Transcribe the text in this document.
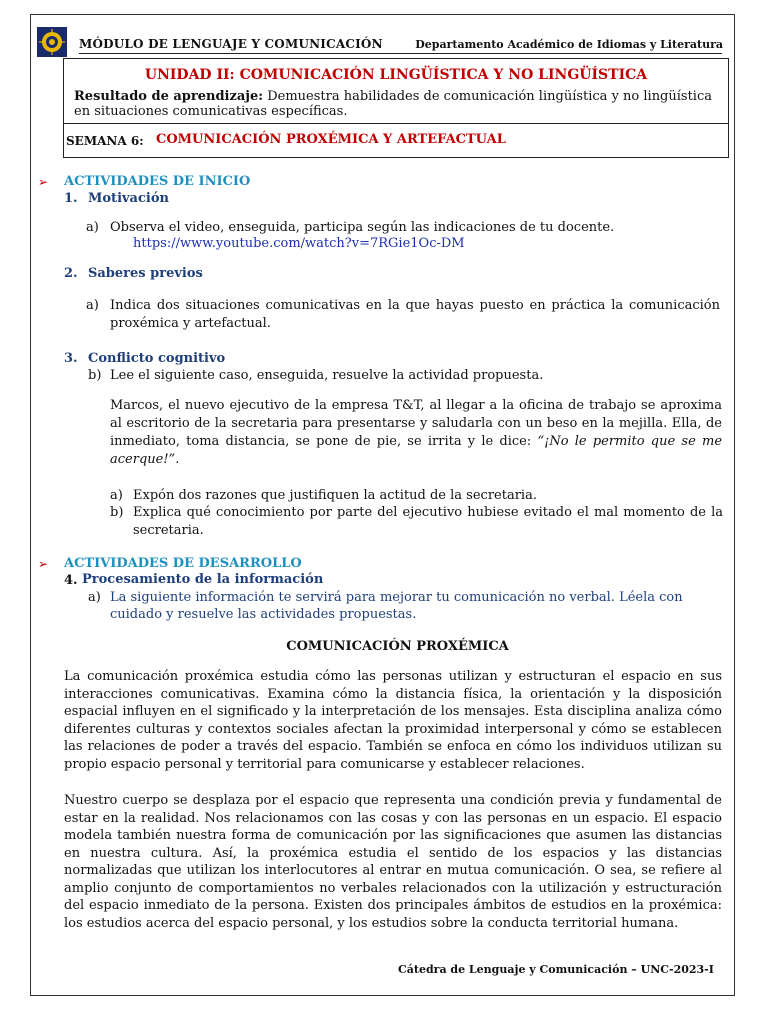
MÓDULO DE LENGUAJE Y COMUNICACIÓN	Departamento Académico de Idiomas y Literatura
UNIDAD II: COMUNICACIÓN LINGÜÍSTICA Y NO LINGÜÍSTICA
Resultado de aprendizaje: Demuestra habilidades de comunicación lingüística y no lingüística en situaciones comunicativas específicas.
SEMANA 6: COMUNICACIÓN PROXÉMICA Y ARTEFACTUAL
➢ ACTIVIDADES DE INICIO
1. Motivación
a) Observa el video, enseguida, participa según las indicaciones de tu docente.
https://www.youtube.com/watch?v=7RGie1Oc-DM
2. Saberes previos
a) Indica dos situaciones comunicativas en la que hayas puesto en práctica la comunicación proxémica y artefactual.
3. Conflicto cognitivo
b) Lee el siguiente caso, enseguida, resuelve la actividad propuesta.
Marcos, el nuevo ejecutivo de la empresa T&T, al llegar a la oficina de trabajo se aproxima al escritorio de la secretaria para presentarse y saludarla con un beso en la mejilla. Ella, de inmediato, toma distancia, se pone de pie, se irrita y le dice: “¡No le permito que se me acerque!”.
a) Expón dos razones que justifiquen la actitud de la secretaria.
b) Explica qué conocimiento por parte del ejecutivo hubiese evitado el mal momento de la secretaria.
➢ ACTIVIDADES DE DESARROLLO
4. Procesamiento de la información
a) La siguiente información te servirá para mejorar tu comunicación no verbal. Léela con cuidado y resuelve las actividades propuestas.
COMUNICACIÓN PROXÉMICA
La comunicación proxémica estudia cómo las personas utilizan y estructuran el espacio en sus interacciones comunicativas. Examina cómo la distancia física, la orientación y la disposición espacial influyen en el significado y la interpretación de los mensajes. Esta disciplina analiza cómo diferentes culturas y contextos sociales afectan la proximidad interpersonal y cómo se establecen las relaciones de poder a través del espacio. También se enfoca en cómo los individuos utilizan su propio espacio personal y territorial para comunicarse y establecer relaciones.
Nuestro cuerpo se desplaza por el espacio que representa una condición previa y fundamental de estar en la realidad. Nos relacionamos con las cosas y con las personas en un espacio. El espacio modela también nuestra forma de comunicación por las significaciones que asumen las distancias en nuestra cultura. Así, la proxémica estudia el sentido de los espacios y las distancias normalizadas que utilizan los interlocutores al entrar en mutua comunicación. O sea, se refiere al amplio conjunto de comportamientos no verbales relacionados con la utilización y estructuración del espacio inmediato de la persona. Existen dos principales ámbitos de estudios en la proxémica: los estudios acerca del espacio personal, y los estudios sobre la conducta territorial humana.
Cátedra de Lenguaje y Comunicación – UNC-2023-I
